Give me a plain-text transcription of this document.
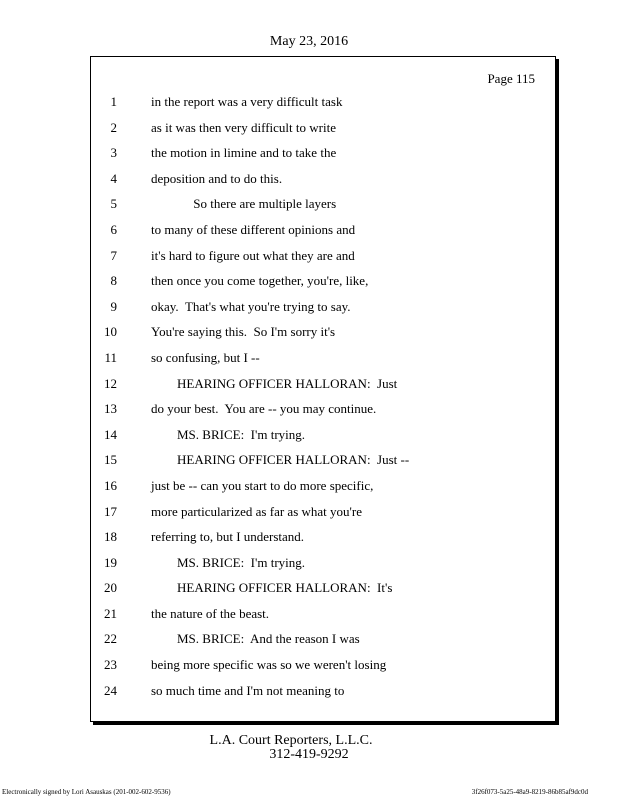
May 23, 2016
Page 115
1	in the report was a very difficult task
2	as it was then very difficult to write
3	the motion in limine and to take the
4	deposition and to do this.
5	So there are multiple layers
6	to many of these different opinions and
7	it's hard to figure out what they are and
8	then once you come together, you're, like,
9	okay.  That's what you're trying to say.
10	You're saying this.  So I'm sorry it's
11	so confusing, but I --
12	HEARING OFFICER HALLORAN:  Just
13	do your best.  You are -- you may continue.
14	MS. BRICE:  I'm trying.
15	HEARING OFFICER HALLORAN:  Just --
16	just be -- can you start to do more specific,
17	more particularized as far as what you're
18	referring to, but I understand.
19	MS. BRICE:  I'm trying.
20	HEARING OFFICER HALLORAN:  It's
21	the nature of the beast.
22	MS. BRICE:  And the reason I was
23	being more specific was so we weren't losing
24	so much time and I'm not meaning to
L.A. Court Reporters, L.L.C.
312-419-9292
Electronically signed by Lori Asauskas (201-002-602-9536)	3f26f073-5a25-48a9-8219-86b85af9dc0d
